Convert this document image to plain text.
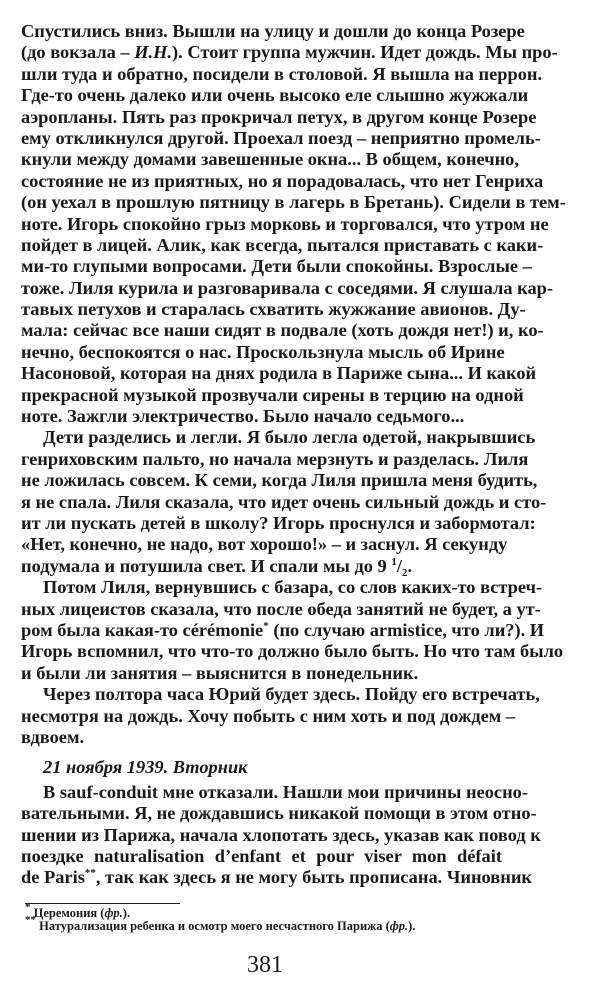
Спустились вниз. Вышли на улицу и дошли до конца Розере
(до вокзала – И.Н.). Стоит группа мужчин. Идет дождь. Мы про-
шли туда и обратно, посидели в столовой. Я вышла на перрон.
Где-то очень далеко или очень высоко еле слышно жужжали
аэропланы. Пять раз прокричал петух, в другом конце Розере
ему откликнулся другой. Проехал поезд – неприятно промель-
кнули между домами завешенные окна... В общем, конечно,
состояние не из приятных, но я порадовалась, что нет Генриха
(он уехал в прошлую пятницу в лагерь в Бретань). Сидели в тем-
ноте. Игорь спокойно грыз морковь и торговался, что утром не
пойдет в лицей. Алик, как всегда, пытался приставать с каки-
ми-то глупыми вопросами. Дети были спокойны. Взрослые –
тоже. Лиля курила и разговаривала с соседями. Я слушала кар-
тавых петухов и старалась схватить жужжание авионов. Ду-
мала: сейчас все наши сидят в подвале (хоть дождя нет!) и, ко-
нечно, беспокоятся о нас. Проскользнула мысль об Ирине
Насоновой, которая на днях родила в Париже сына... И какой
прекрасной музыкой прозвучали сирены в терцию на одной
ноте. Зажгли электричество. Было начало седьмого...
Дети разделись и легли. Я было легла одетой, накрывшись
генриховским пальто, но начала мерзнуть и разделась. Лиля
не ложилась совсем. К семи, когда Лиля пришла меня будить,
я не спала. Лиля сказала, что идет очень сильный дождь и сто-
ит ли пускать детей в школу? Игорь проснулся и забормотал:
«Нет, конечно, не надо, вот хорошо!» – и заснул. Я секунду
подумала и потушила свет. И спали мы до 9 $^1/_2$.
Потом Лиля, вернувшись с базара, со слов каких-то встреч-
ных лицеистов сказала, что после обеда занятий не будет, а ут-
ром была какая-то cérémonie* (по случаю armistice, что ли?). И
Игорь вспомнил, что что-то должно было быть. Но что там было
и были ли занятия – выяснится в понедельник.
Через полтора часа Юрий будет здесь. Пойду его встречать,
несмотря на дождь. Хочу побыть с ним хоть и под дождем –
вдвоем.
21 ноября 1939. Вторник
В sauf-conduit мне отказали. Нашли мои причины неосно-
вательными. Я, не дождавшись никакой помощи в этом отно-
шении из Парижа, начала хлопотать здесь, указав как повод к
поездке naturalisation d’enfant et pour viser mon défait
de Paris**, так как здесь я не могу быть прописана. Чиновник
* Церемония (фр.).
** Натурализация ребенка и осмотр моего несчастного Парижа (фр.).
381
